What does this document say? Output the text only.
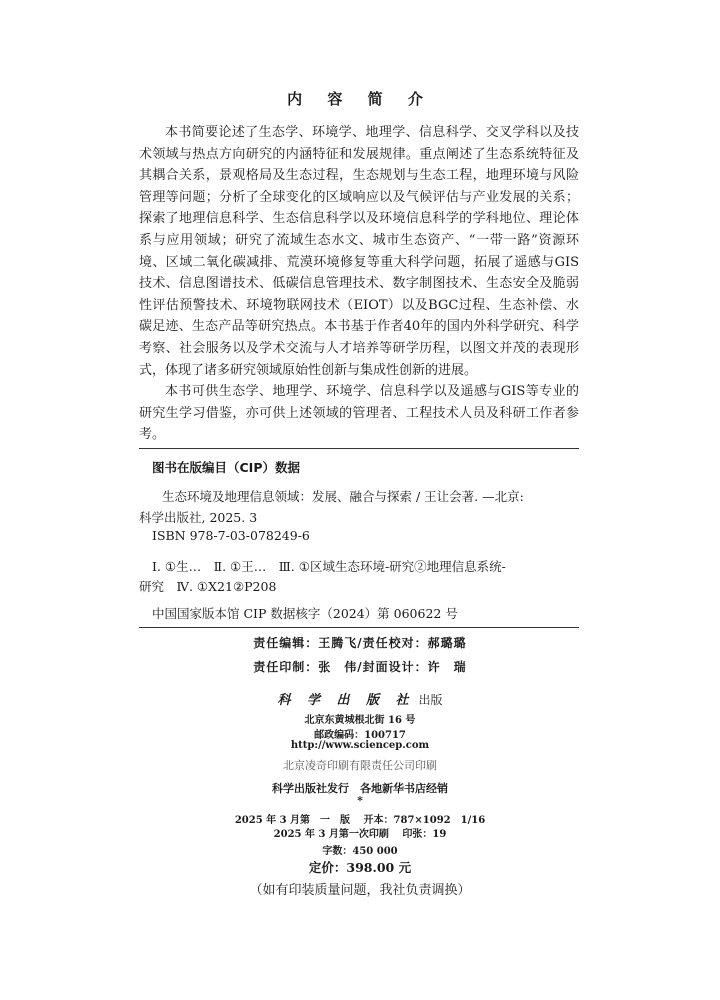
内 容 简 介

本书简要论述了生态学、环境学、地理学、信息科学、交叉学科以及技术领域与热点方向研究的内涵特征和发展规律。重点阐述了生态系统特征及其耦合关系，景观格局及生态过程，生态规划与生态工程，地理环境与风险管理等问题；分析了全球变化的区域响应以及气候评估与产业发展的关系；探索了地理信息科学、生态信息科学以及环境信息科学的学科地位、理论体系与应用领域；研究了流域生态水文、城市生态资产、“一带一路”资源环境、区域二氧化碳减排、荒漠环境修复等重大科学问题，拓展了遥感与GIS技术、信息图谱技术、低碳信息管理技术、数字制图技术、生态安全及脆弱性评估预警技术、环境物联网技术（EIOT）以及BGC过程、生态补偿、水碳足迹、生态产品等研究热点。本书基于作者40年的国内外科学研究、科学考察、社会服务以及学术交流与人才培养等研学历程，以图文并茂的表现形式，体现了诸多研究领域原始性创新与集成性创新的进展。

本书可供生态学、地理学、环境学、信息科学以及遥感与GIS等专业的研究生学习借鉴，亦可供上述领域的管理者、工程技术人员及科研工作者参考。

图书在版编目（CIP）数据
生态环境及地理信息领域：发展、融合与探索 / 王让会著. —北京:
科学出版社, 2025. 3
ISBN 978-7-03-078249-6
Ⅰ. ①生…　Ⅱ. ①王…　Ⅲ. ①区域生态环境-研究②地理信息系统-
研究　Ⅳ. ①X21②P208
中国国家版本馆 CIP 数据核字（2024）第 060622 号
责任编辑：王腾飞/责任校对：郝璐璐
责任印制：张　伟/封面设计：许　瑞
科 学 出 版 社 出版
北京东黄城根北街 16 号
邮政编码：100717
http://www.sciencep.com
北京凌奇印刷有限责任公司印刷
科学出版社发行　各地新华书店经销
*
2025 年 3 月第　一　版　 开本：787×1092　1/16
2025 年 3 月第一次印刷　 印张：19
字数：450 000
定价：398.00 元
（如有印装质量问题，我社负责调换）
